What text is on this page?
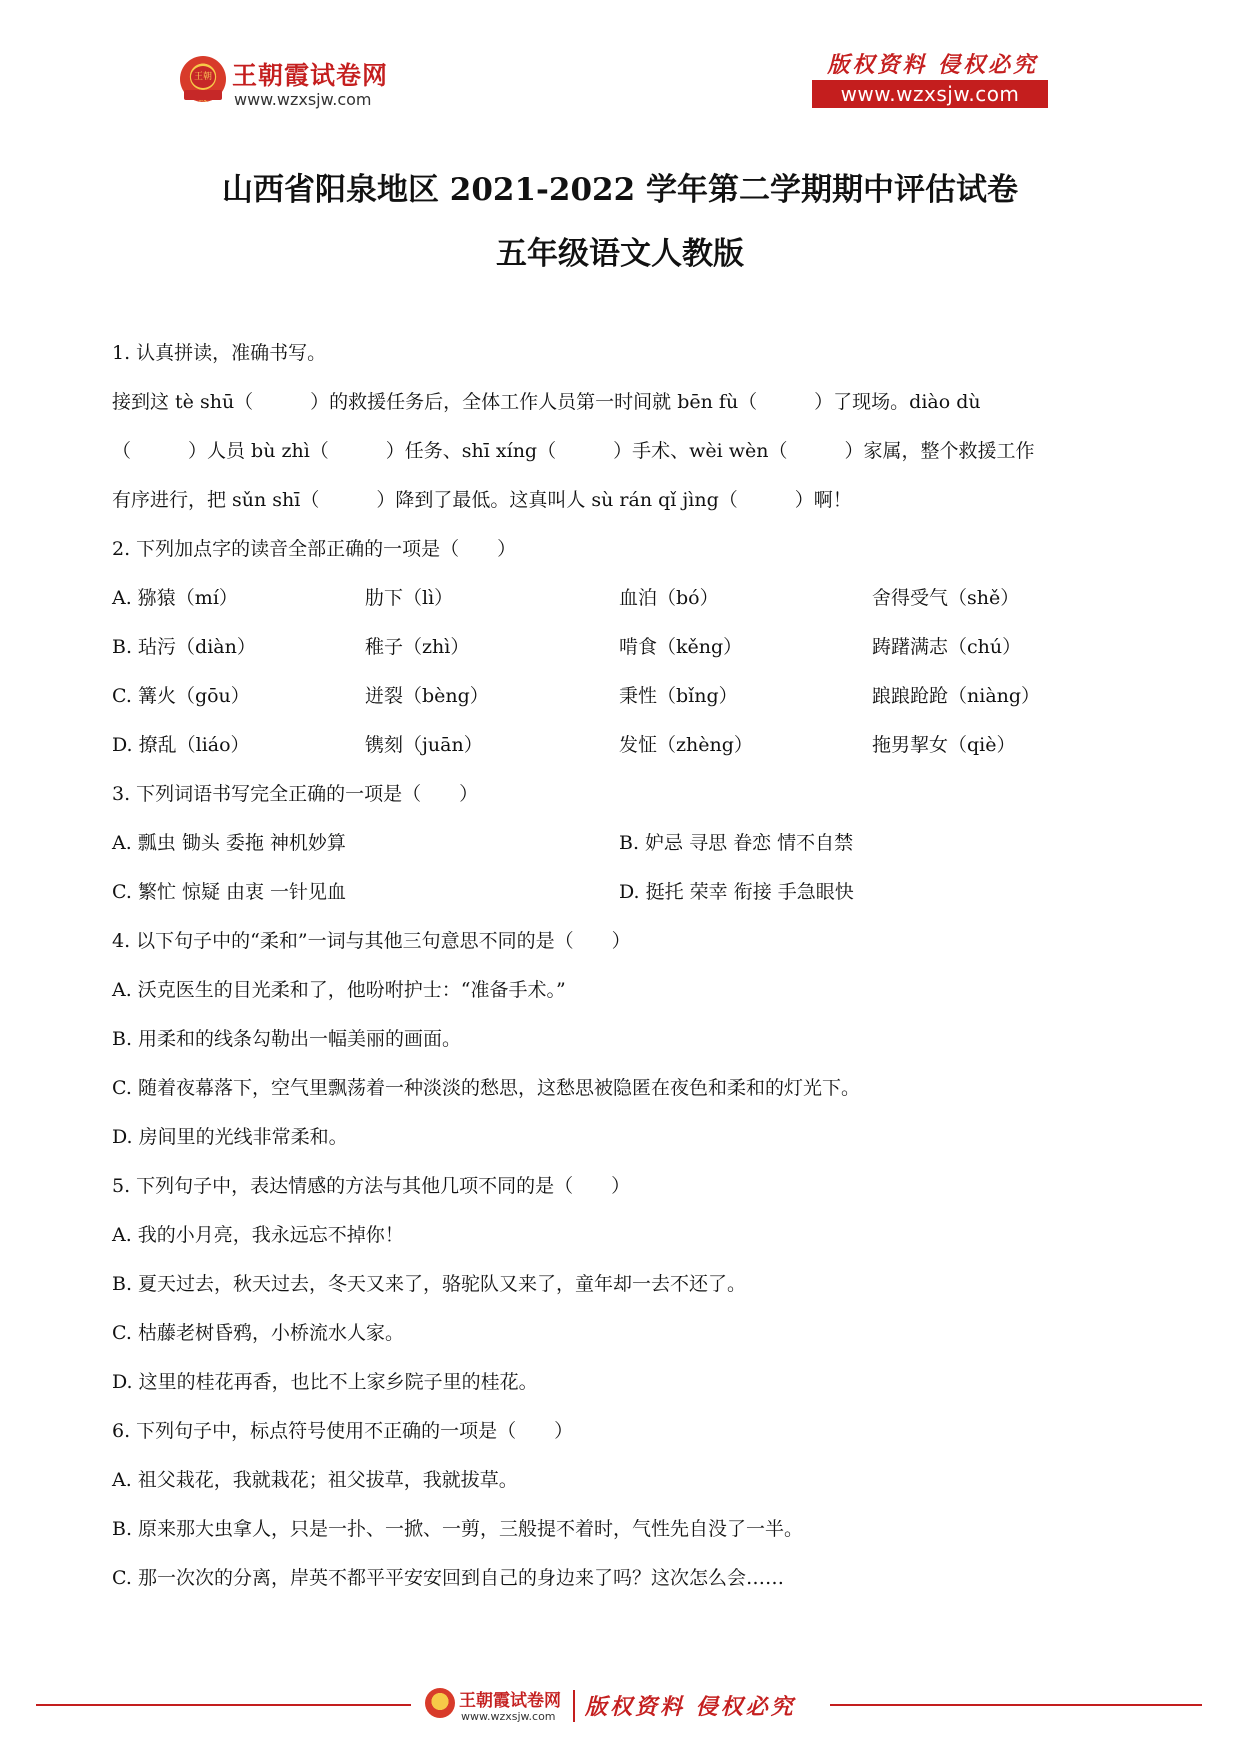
王朝 王朝霞试卷网
www.wzxsjw.com
版权资料 侵权必究
www.wzxsjw.com
山西省阳泉地区 2021-2022 学年第二学期期中评估试卷
五年级语文人教版
1. 认真拼读，准确书写。
接到这 tè shū（　　　）的救援任务后，全体工作人员第一时间就 bēn fù（　　　）了现场。diào dù
（　　　）人员 bù zhì（　　　）任务、shī xíng（　　　）手术、wèi wèn（　　　）家属，整个救援工作
有序进行，把 sǔn shī（　　　）降到了最低。这真叫人 sù rán qǐ jìng（　　　）啊！
2. 下列加点字的读音全部正确的一项是（　　）
A. 猕猿（mí）	肋下（lì）	血泊（bó）	舍得受气（shě）
B. 玷污（diàn）	稚子（zhì）	啃食（kěng）	踌躇满志（chú）
C. 篝火（gōu）	迸裂（bèng）	秉性（bǐng）	踉踉跄跄（niàng）
D. 撩乱（liáo）	镌刻（juān）	发怔（zhèng）	拖男挈女（qiè）
3. 下列词语书写完全正确的一项是（　　）
A. 瓢虫 锄头 委拖 神机妙算	B. 妒忌 寻思 眷恋 情不自禁
C. 繁忙 惊疑 由衷 一针见血	D. 挺托 荣幸 衔接 手急眼快
4. 以下句子中的“柔和”一词与其他三句意思不同的是（　　）
A. 沃克医生的目光柔和了，他吩咐护士：“准备手术。”
B. 用柔和的线条勾勒出一幅美丽的画面。
C. 随着夜幕落下，空气里飘荡着一种淡淡的愁思，这愁思被隐匿在夜色和柔和的灯光下。
D. 房间里的光线非常柔和。
5. 下列句子中，表达情感的方法与其他几项不同的是（　　）
A. 我的小月亮，我永远忘不掉你！
B. 夏天过去，秋天过去，冬天又来了，骆驼队又来了，童年却一去不还了。
C. 枯藤老树昏鸦，小桥流水人家。
D. 这里的桂花再香，也比不上家乡院子里的桂花。
6. 下列句子中，标点符号使用不正确的一项是（　　）
A. 祖父栽花，我就栽花；祖父拔草，我就拔草。
B. 原来那大虫拿人，只是一扑、一掀、一剪，三般提不着时，气性先自没了一半。
C. 那一次次的分离，岸英不都平平安安回到自己的身边来了吗？这次怎么会……
王朝霞试卷网
www.wzxsjw.com 版权资料 侵权必究
